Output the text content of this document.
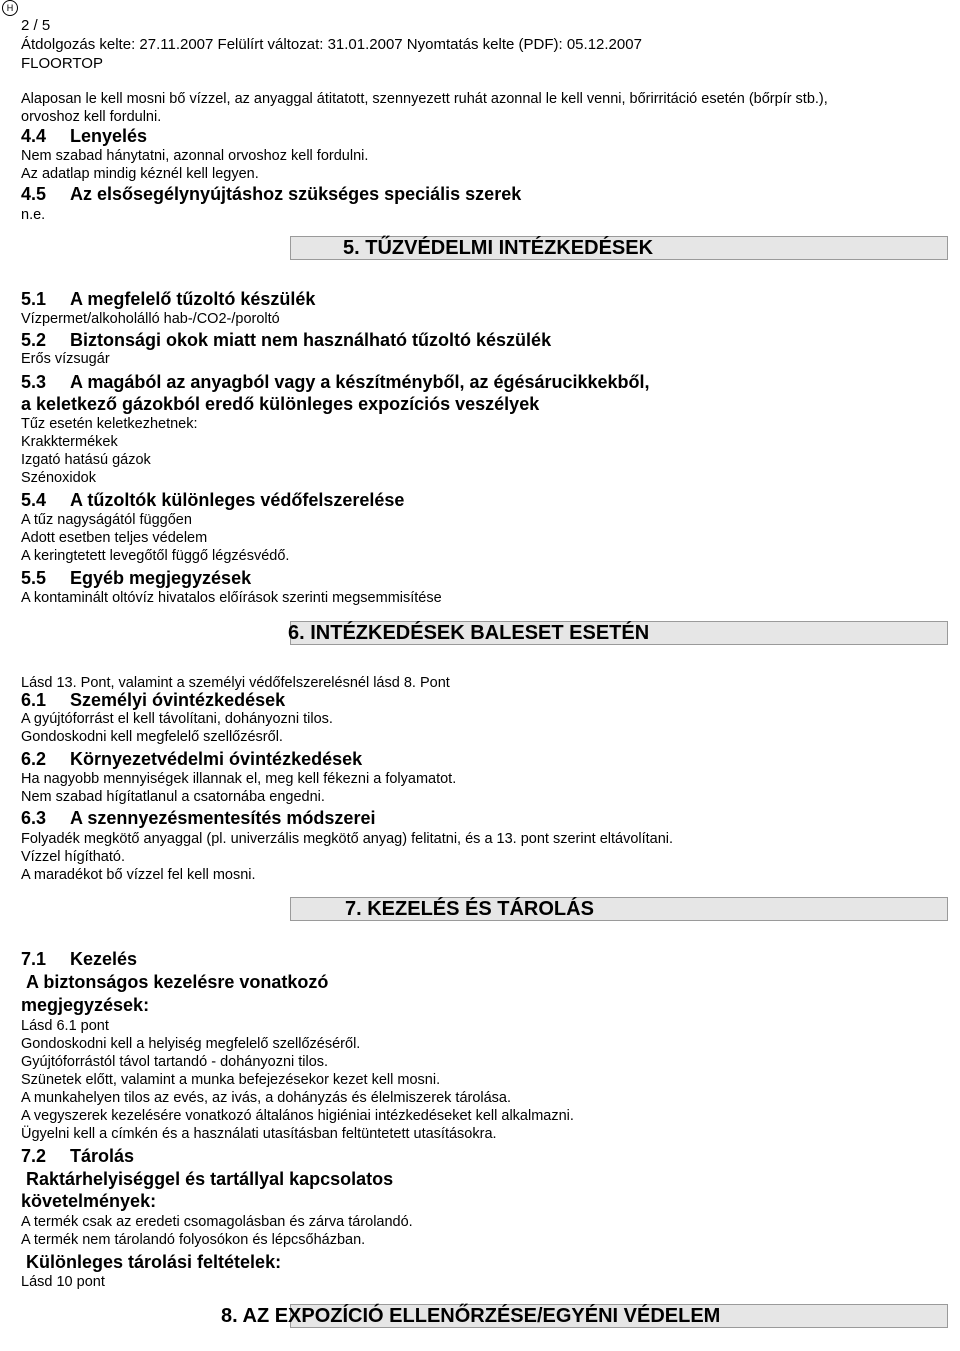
H
2 / 5
Átdolgozás kelte: 27.11.2007 Felülírt változat: 31.01.2007 Nyomtatás kelte (PDF): 05.12.2007
FLOORTOP
Alaposan le kell mosni bő vízzel, az anyaggal átitatott, szennyezett ruhát azonnal le kell venni, bőrirritáció esetén (bőrpír stb.),
orvoshoz kell fordulni.
4.4 Lenyelés
Nem szabad hánytatni, azonnal orvoshoz kell fordulni.
Az adatlap mindig kéznél kell legyen.
4.5 Az elsősegélynyújtáshoz szükséges speciális szerek
n.e.
5. TŰZVÉDELMI INTÉZKEDÉSEK
5.1 A megfelelő tűzoltó készülék
Vízpermet/alkoholálló hab-/CO2-/poroltó
5.2 Biztonsági okok miatt nem használható tűzoltó készülék
Erős vízsugár
5.3 A magából az anyagból vagy a készítményből, az égésárucikkekből,
a keletkező gázokból eredő különleges expozíciós veszélyek
Tűz esetén keletkezhetnek:
Krakktermékek
Izgató hatású gázok
Szénoxidok
5.4 A tűzoltók különleges védőfelszerelése
A tűz nagyságától függően
Adott esetben teljes védelem
A keringtetett levegőtől függő légzésvédő.
5.5 Egyéb megjegyzések
A kontaminált oltóvíz hivatalos előírások szerinti megsemmisítése
6. INTÉZKEDÉSEK BALESET ESETÉN
Lásd 13. Pont, valamint a személyi védőfelszerelésnél lásd 8. Pont
6.1 Személyi óvintézkedések
A gyújtóforrást el kell távolítani, dohányozni tilos.
Gondoskodni kell megfelelő szellőzésről.
6.2 Környezetvédelmi óvintézkedések
Ha nagyobb mennyiségek illannak el, meg kell fékezni a folyamatot.
Nem szabad hígítatlanul a csatornába engedni.
6.3 A szennyezésmentesítés módszerei
Folyadék megkötő anyaggal (pl. univerzális megkötő anyag) felitatni, és a 13. pont szerint eltávolítani.
Vízzel hígítható.
A maradékot bő vízzel fel kell mosni.
7. KEZELÉS ÉS TÁROLÁS
7.1 Kezelés
A biztonságos kezelésre vonatkozó
megjegyzések:
Lásd 6.1 pont
Gondoskodni kell a helyiség megfelelő szellőzéséről.
Gyújtóforrástól távol tartandó - dohányozni tilos.
Szünetek előtt, valamint a munka befejezésekor kezet kell mosni.
A munkahelyen tilos az evés, az ivás, a dohányzás és élelmiszerek tárolása.
A vegyszerek kezelésére vonatkozó általános higiéniai intézkedéseket kell alkalmazni.
Ügyelni kell a címkén és a használati utasításban feltüntetett utasításokra.
7.2 Tárolás
Raktárhelyiséggel és tartállyal kapcsolatos
követelmények:
A termék csak az eredeti csomagolásban és zárva tárolandó.
A termék nem tárolandó folyosókon és lépcsőházban.
Különleges tárolási feltételek:
Lásd 10 pont
8. AZ EXPOZÍCIÓ ELLENŐRZÉSE/EGYÉNI VÉDELEM
